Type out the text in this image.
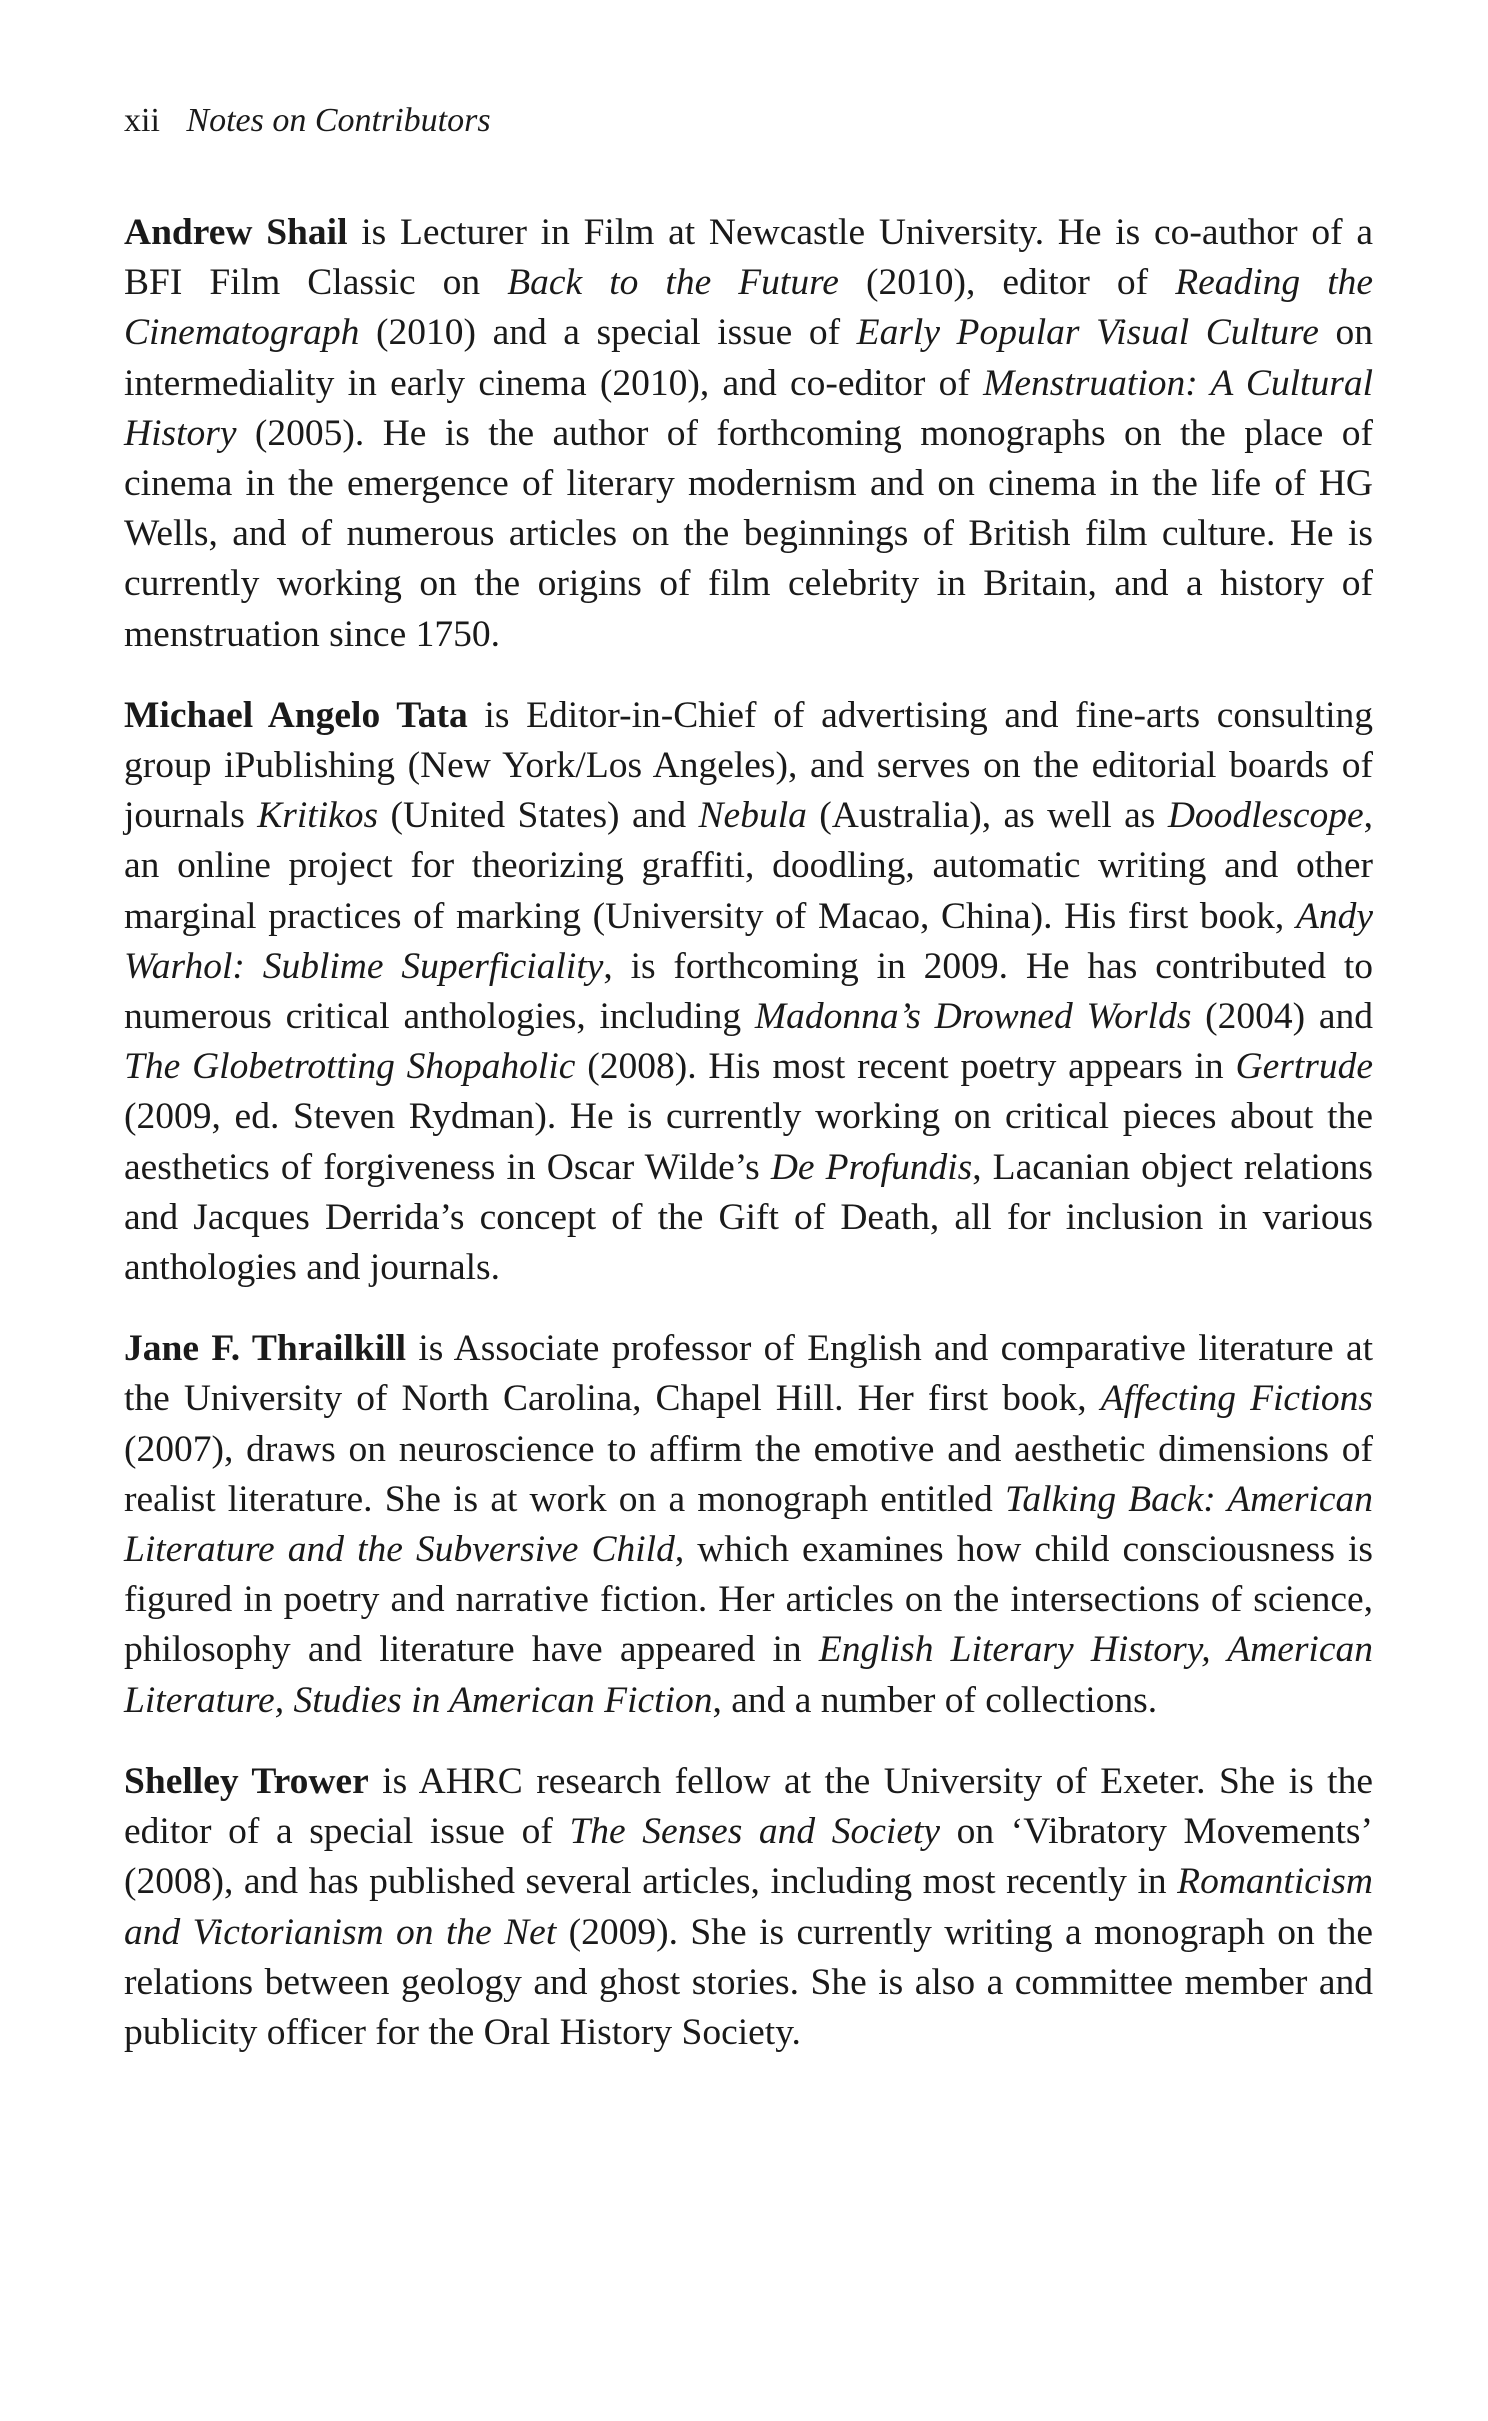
xii Notes on Contributors

Andrew Shail is Lecturer in Film at Newcastle University. He is co-author of a BFI Film Classic on Back to the Future (2010), editor of Reading the Cinematograph (2010) and a special issue of Early Popular Visual Culture on intermediality in early cinema (2010), and co-editor of Menstruation: A Cultural History (2005). He is the author of forthcoming monographs on the place of cinema in the emergence of literary modernism and on cinema in the life of HG Wells, and of numerous articles on the beginnings of British film culture. He is currently working on the origins of film celebrity in Britain, and a history of menstruation since 1750.

Michael Angelo Tata is Editor-in-Chief of advertising and fine-arts consulting group iPublishing (New York/Los Angeles), and serves on the editorial boards of journals Kritikos (United States) and Nebula (Australia), as well as Doodlescope, an online project for theorizing graffiti, doodling, automatic writing and other marginal practices of marking (University of Macao, China). His first book, Andy Warhol: Sublime Superficiality, is forthcoming in 2009. He has contributed to numerous critical anthologies, including Madonna’s Drowned Worlds (2004) and The Globetrotting Shopaholic (2008). His most recent poetry appears in Gertrude (2009, ed. Steven Rydman). He is currently working on critical pieces about the aesthetics of forgiveness in Oscar Wilde’s De Profundis, Lacanian object relations and Jacques Derrida’s concept of the Gift of Death, all for inclusion in various anthologies and journals.

Jane F. Thrailkill is Associate professor of English and comparative literature at the University of North Carolina, Chapel Hill. Her first book, Affecting Fictions (2007), draws on neuroscience to affirm the emotive and aesthetic dimensions of realist literature. She is at work on a monograph entitled Talking Back: American Literature and the Subversive Child, which examines how child consciousness is figured in poetry and narrative fiction. Her articles on the intersections of science, philosophy and literature have appeared in English Literary History, American Literature, Studies in American Fiction, and a number of collections.

Shelley Trower is AHRC research fellow at the University of Exeter. She is the editor of a special issue of The Senses and Society on ‘Vibratory Movements’ (2008), and has published several articles, including most recently in Romanticism and Victorianism on the Net (2009). She is currently writing a monograph on the relations between geology and ghost stories. She is also a committee member and publicity officer for the Oral History Society.
